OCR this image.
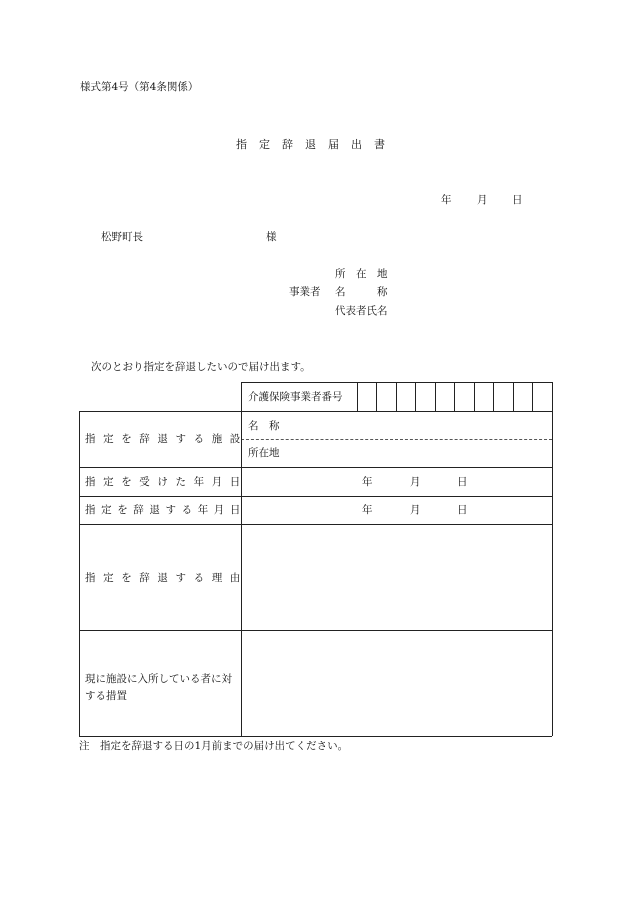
様式第4号（第4条関係）
指定辞退届出書
年 月 日
松野町長	様
所　在　地
事業者 名　　　称
代表者氏名
次のとおり指定を辞退したいので届け出ます。
介護保険事業者番号
指定を辞退する施設
名　称
所在地
指定を受けた年月日	年	月	日
指定を辞退する年月日	年	月	日
指定を辞退する理由
現に施設に入所している者に対する措置
注　指定を辞退する日の1月前までの届け出てください。
